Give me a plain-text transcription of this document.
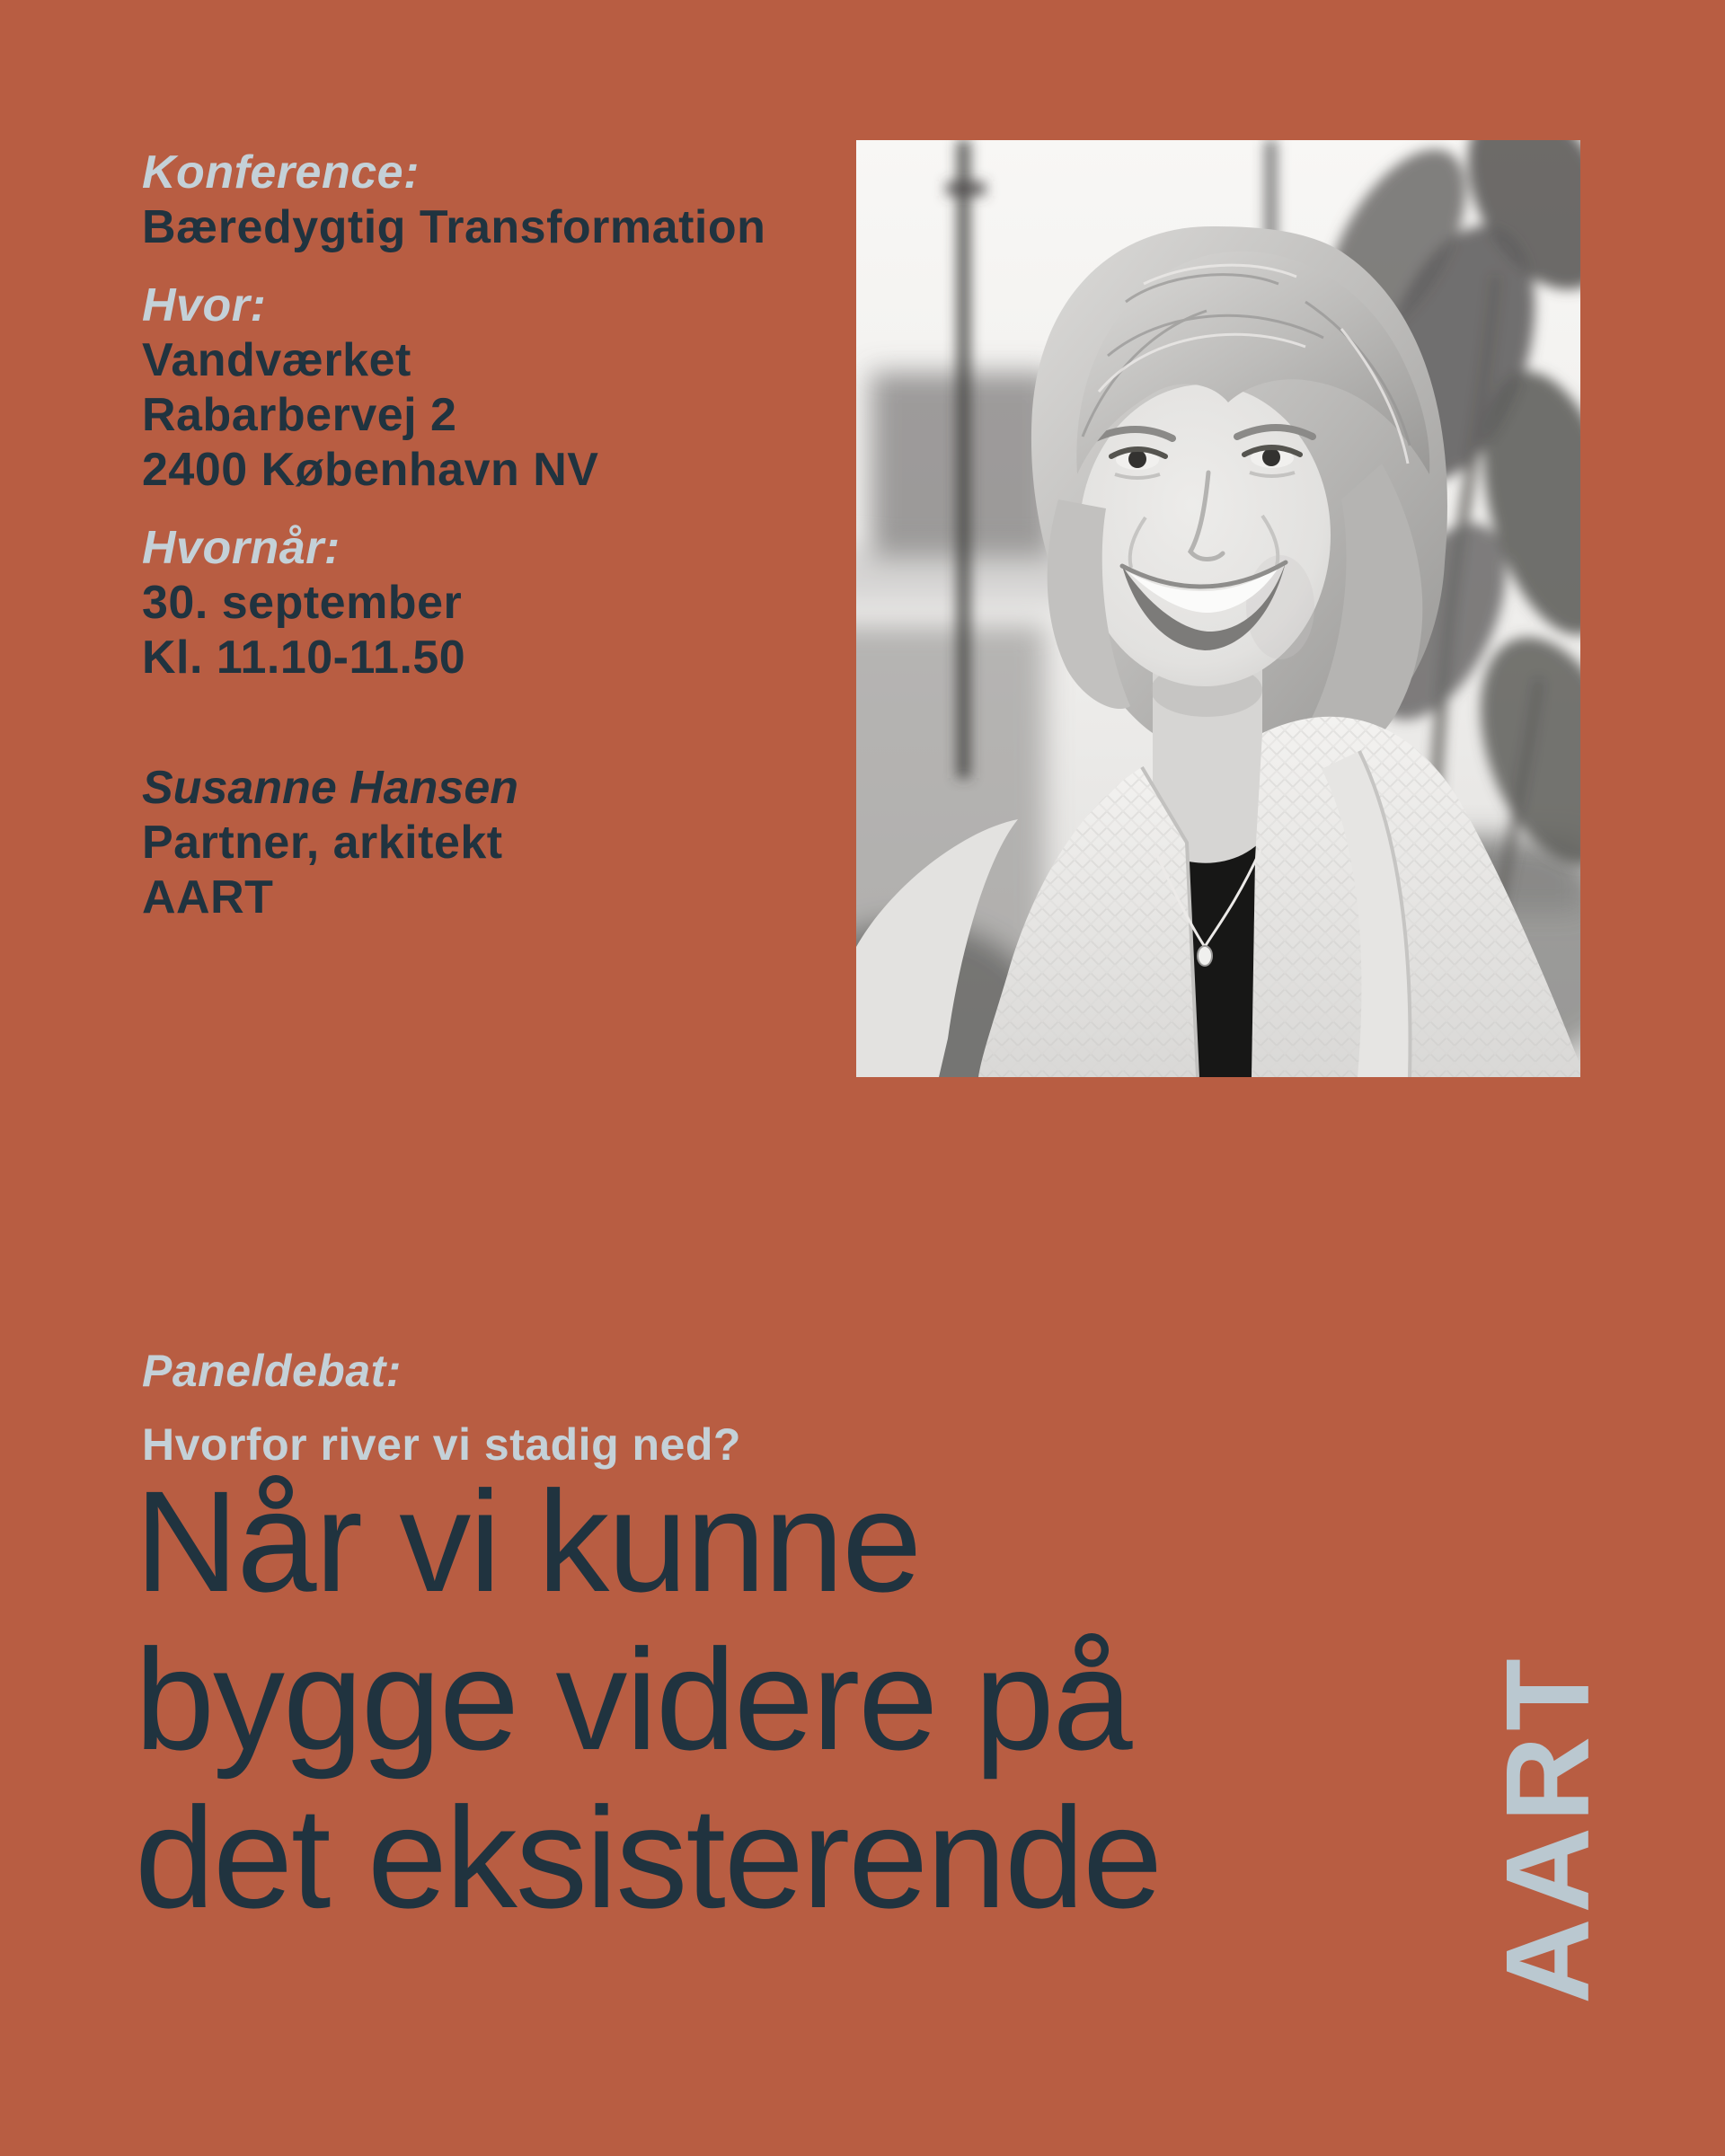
Konference:
Bæredygtig Transformation
Hvor:
Vandværket
Rabarbervej 2
2400 København NV
Hvornår:
30. september
Kl. 11.10-11.50
Susanne Hansen
Partner, arkitekt
AART
Paneldebat:
Hvorfor river vi stadig ned?
Når vi kunne
bygge videre på
det eksisterende	AART
